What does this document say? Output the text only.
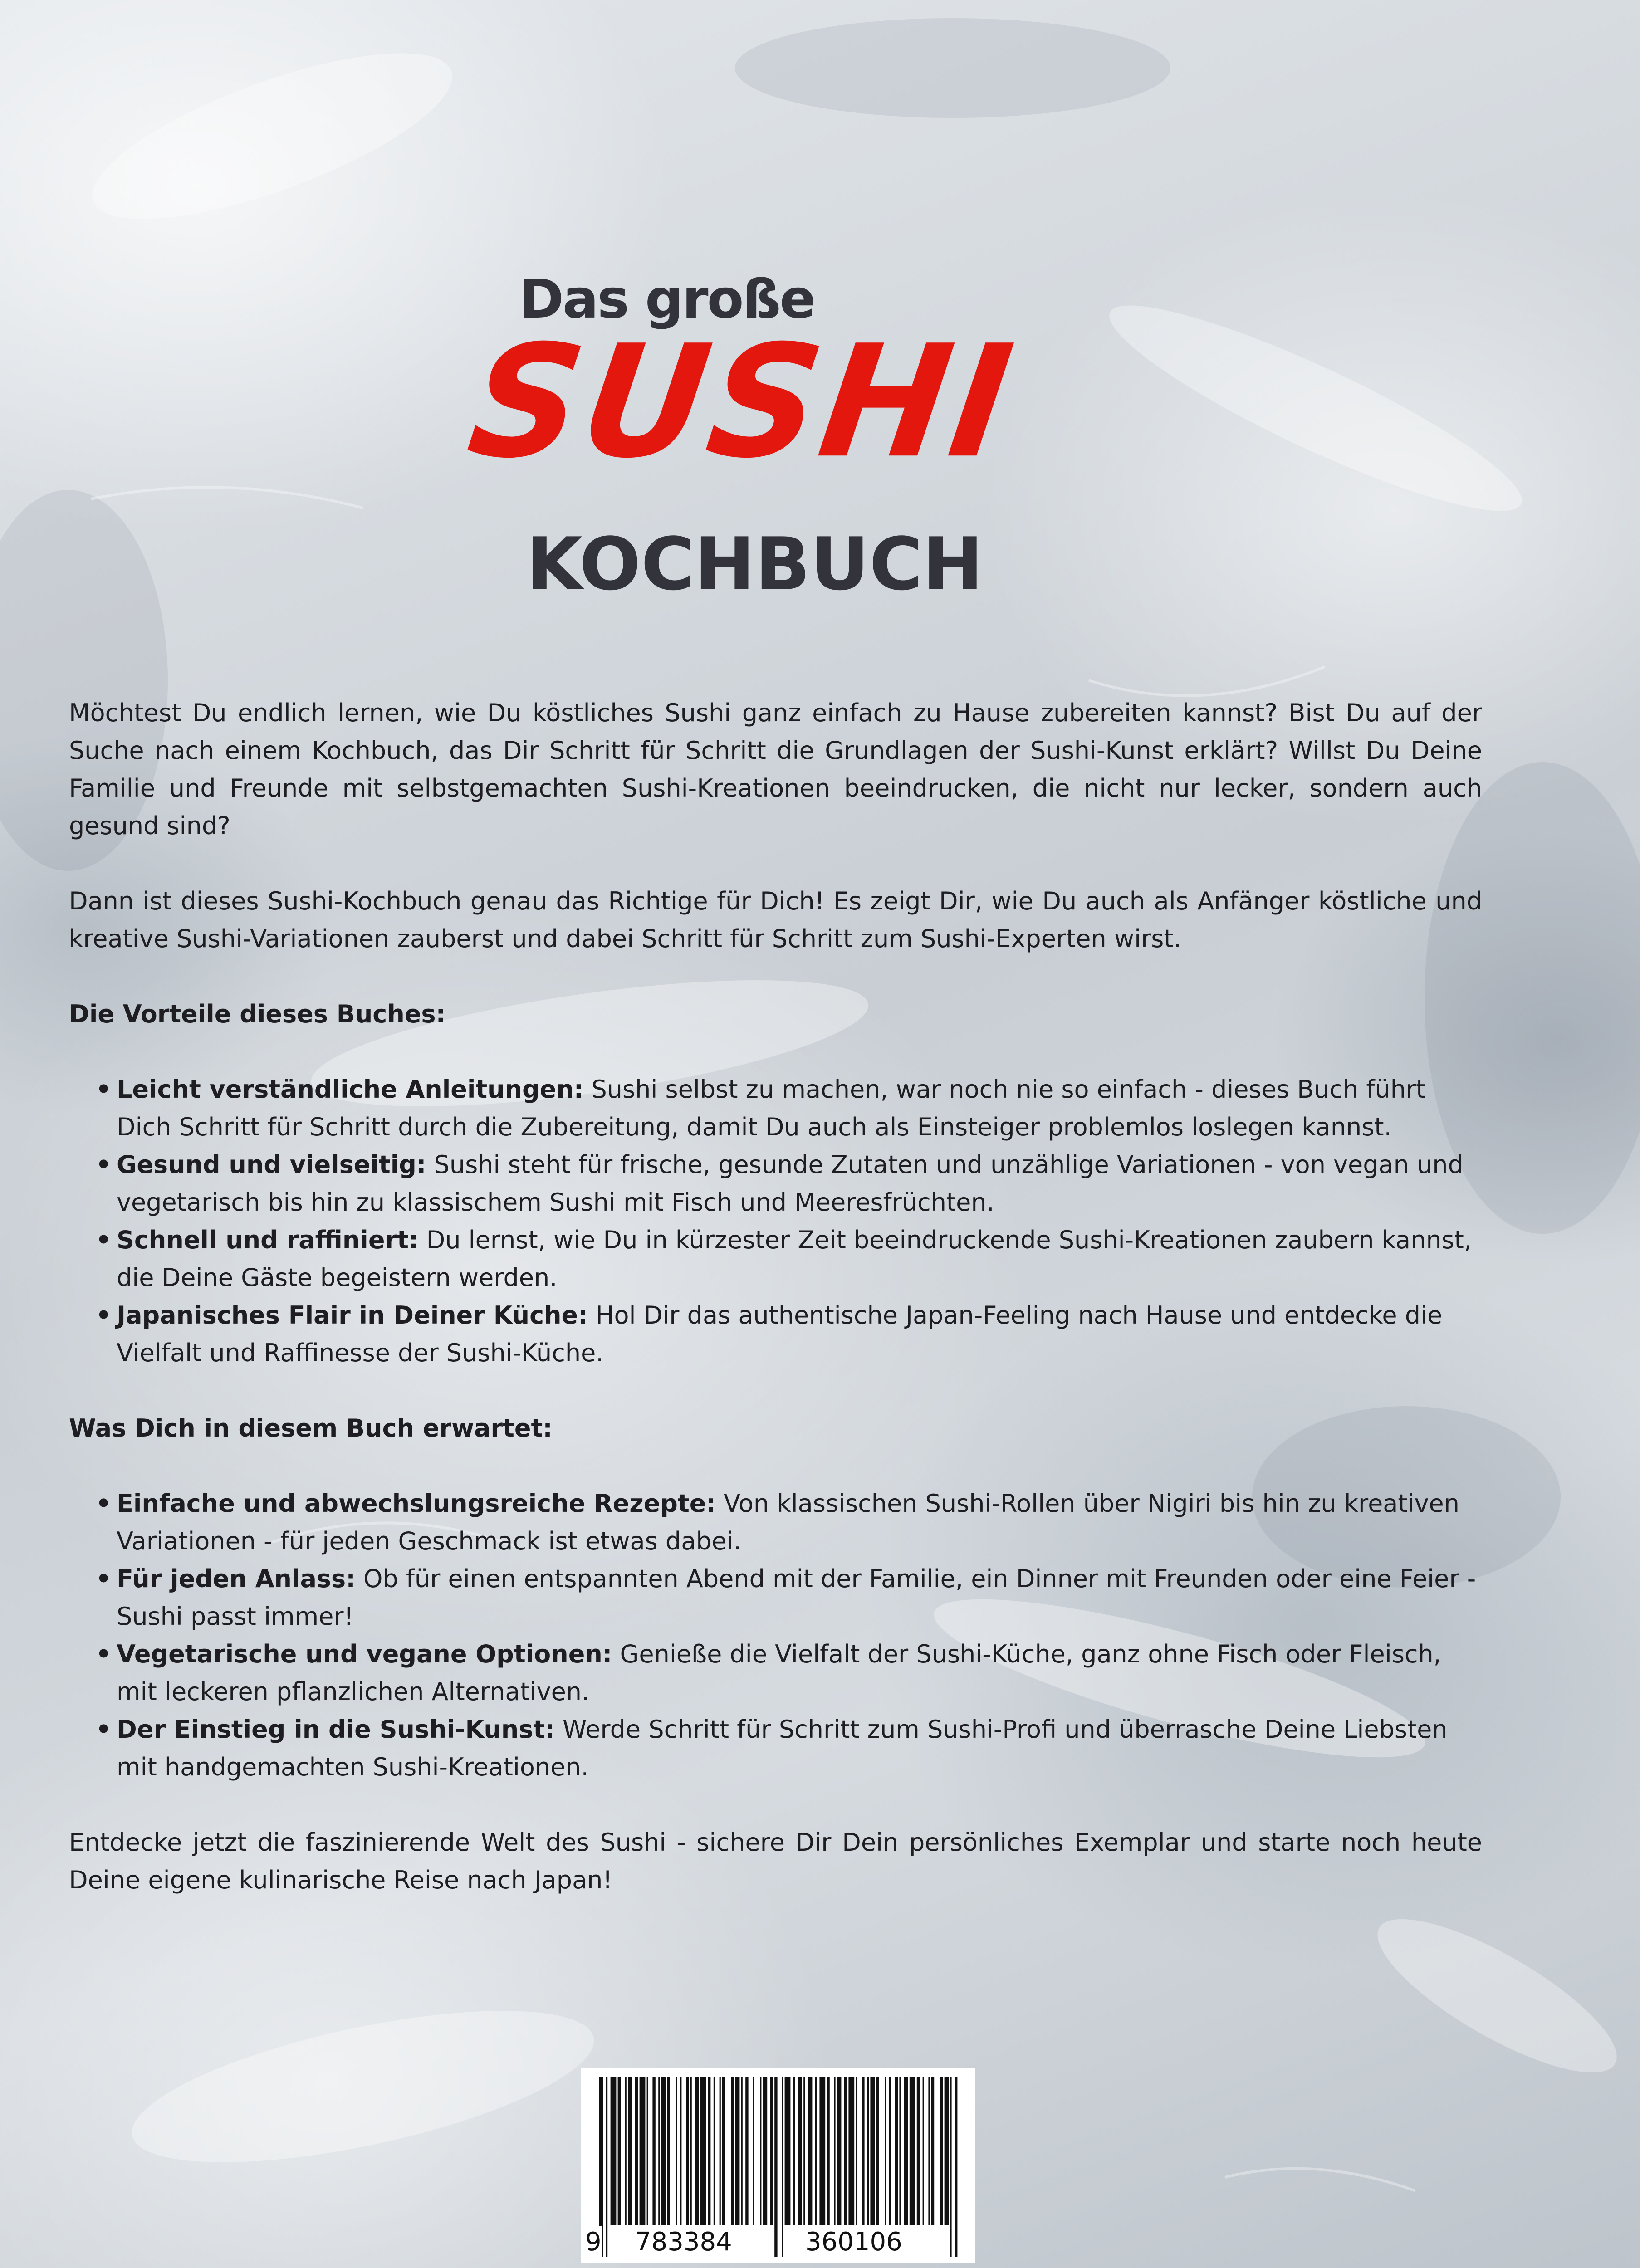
Das große
SUSHI
KOCHBUCH

Möchtest Du endlich lernen, wie Du köstliches Sushi ganz einfach zu Hause zubereiten kannst? Bist Du auf der Suche nach einem Kochbuch, das Dir Schritt für Schritt die Grundlagen der Sushi-Kunst erklärt? Willst Du Deine Familie und Freunde mit selbstgemachten Sushi-Kreationen beeindrucken, die nicht nur lecker, sondern auch gesund sind?

Dann ist dieses Sushi-Kochbuch genau das Richtige für Dich! Es zeigt Dir, wie Du auch als Anfänger köstliche und kreative Sushi-Variationen zauberst und dabei Schritt für Schritt zum Sushi-Experten wirst.

Die Vorteile dieses Buches:

• Leicht verständliche Anleitungen: Sushi selbst zu machen, war noch nie so einfach - dieses Buch führt Dich Schritt für Schritt durch die Zubereitung, damit Du auch als Einsteiger problemlos loslegen kannst.
• Gesund und vielseitig: Sushi steht für frische, gesunde Zutaten und unzählige Variationen - von vegan und vegetarisch bis hin zu klassischem Sushi mit Fisch und Meeresfrüchten.
• Schnell und raffiniert: Du lernst, wie Du in kürzester Zeit beeindruckende Sushi-Kreationen zaubern kannst, die Deine Gäste begeistern werden.
• Japanisches Flair in Deiner Küche: Hol Dir das authentische Japan-Feeling nach Hause und entdecke die Vielfalt und Raffinesse der Sushi-Küche.

Was Dich in diesem Buch erwartet:

• Einfache und abwechslungsreiche Rezepte: Von klassischen Sushi-Rollen über Nigiri bis hin zu kreativen Variationen - für jeden Geschmack ist etwas dabei.
• Für jeden Anlass: Ob für einen entspannten Abend mit der Familie, ein Dinner mit Freunden oder eine Feier - Sushi passt immer!
• Vegetarische und vegane Optionen: Genieße die Vielfalt der Sushi-Küche, ganz ohne Fisch oder Fleisch, mit leckeren pflanzlichen Alternativen.
• Der Einstieg in die Sushi-Kunst: Werde Schritt für Schritt zum Sushi-Profi und überrasche Deine Liebsten mit handgemachten Sushi-Kreationen.

Entdecke jetzt die faszinierende Welt des Sushi - sichere Dir Dein persönliches Exemplar und starte noch heute Deine eigene kulinarische Reise nach Japan!

9 783384	360106
